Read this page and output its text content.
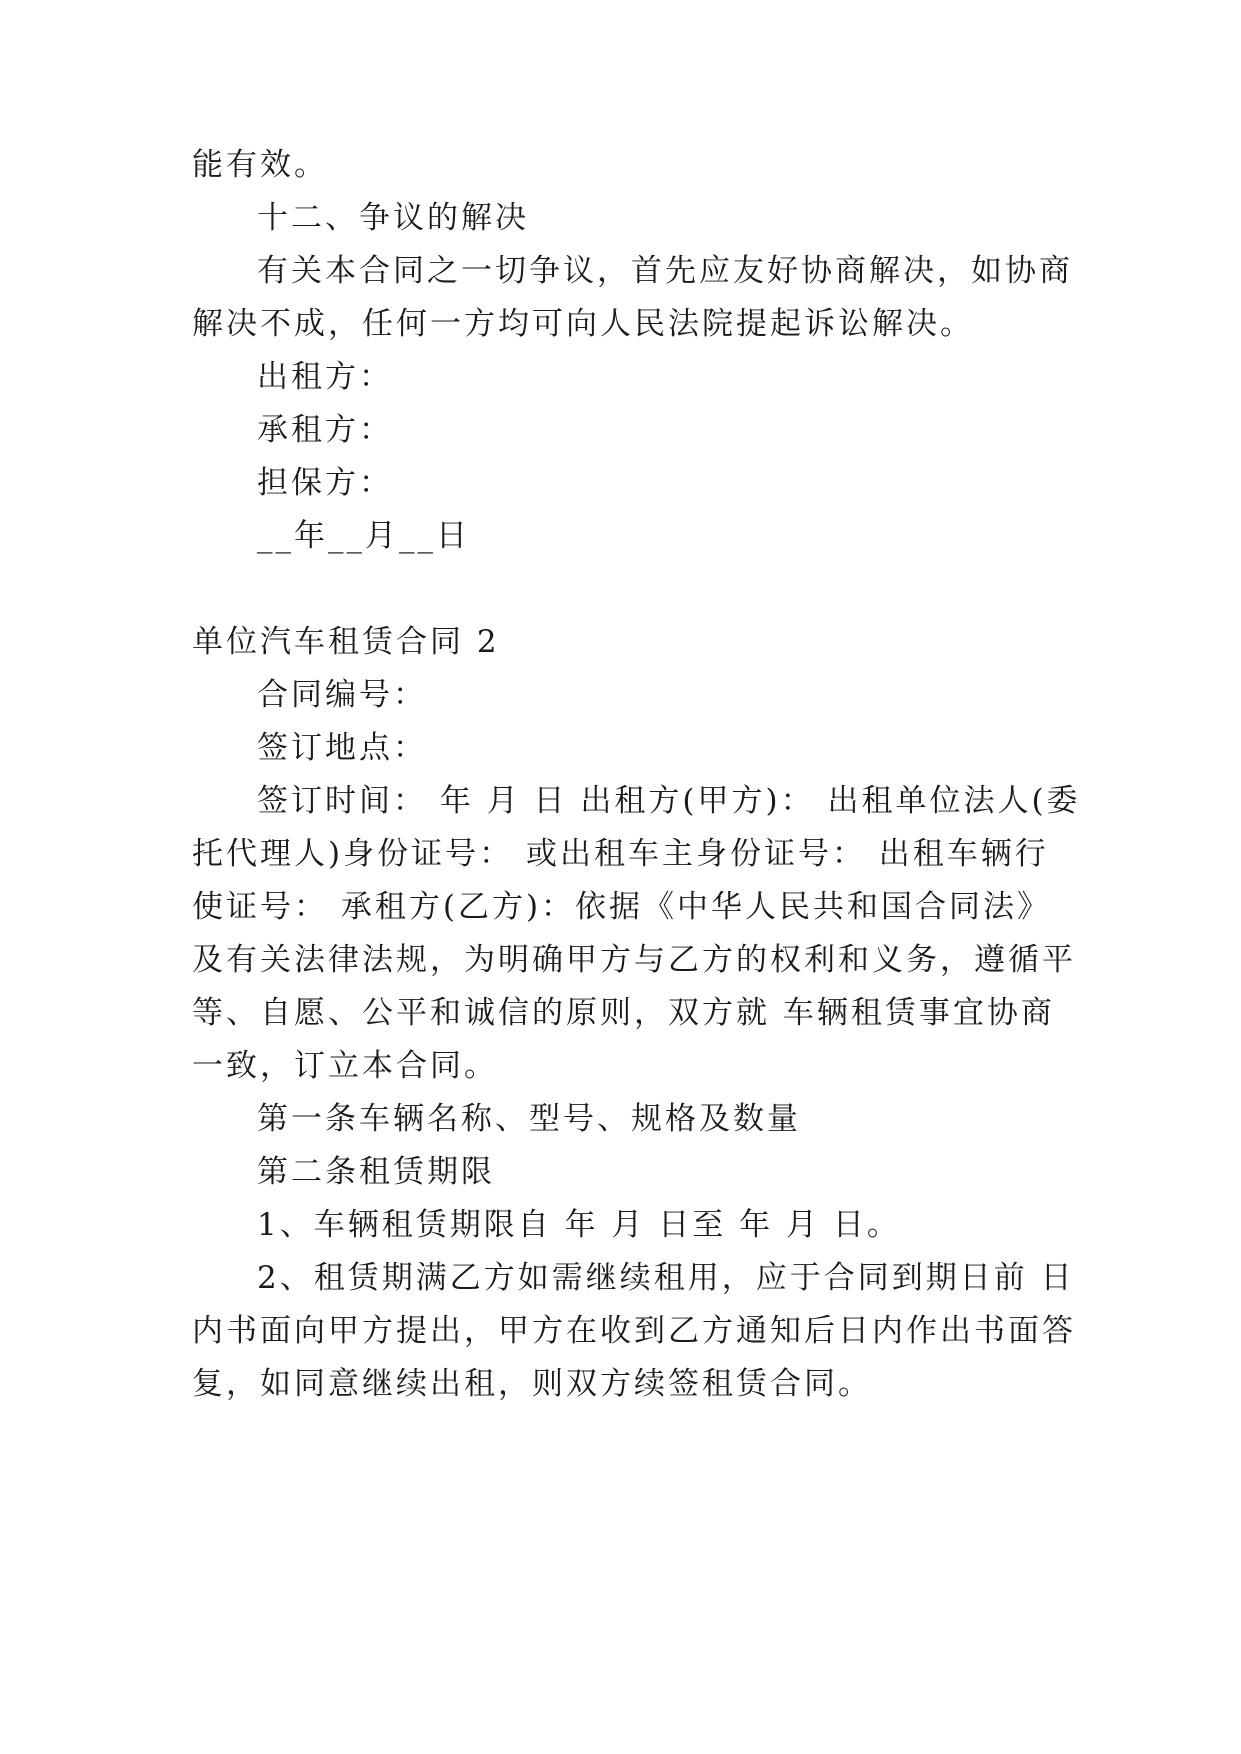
能有效。
十二、争议的解决
有关本合同之一切争议，首先应友好协商解决，如协商
解决不成，任何一方均可向人民法院提起诉讼解决。
出租方：
承租方：
担保方：
__年__月__日
单位汽车租赁合同 2
合同编号：
签订地点：
签订时间： 年 月 日 出租方(甲方)： 出租单位法人(委
托代理人)身份证号： 或出租车主身份证号： 出租车辆行
使证号： 承租方(乙方)：依据《中华人民共和国合同法》
及有关法律法规，为明确甲方与乙方的权利和义务，遵循平
等、自愿、公平和诚信的原则，双方就 车辆租赁事宜协商
一致，订立本合同。
第一条车辆名称、型号、规格及数量
第二条租赁期限
1、车辆租赁期限自 年 月 日至 年 月 日。
2、租赁期满乙方如需继续租用，应于合同到期日前 日
内书面向甲方提出，甲方在收到乙方通知后日内作出书面答
复，如同意继续出租，则双方续签租赁合同。
